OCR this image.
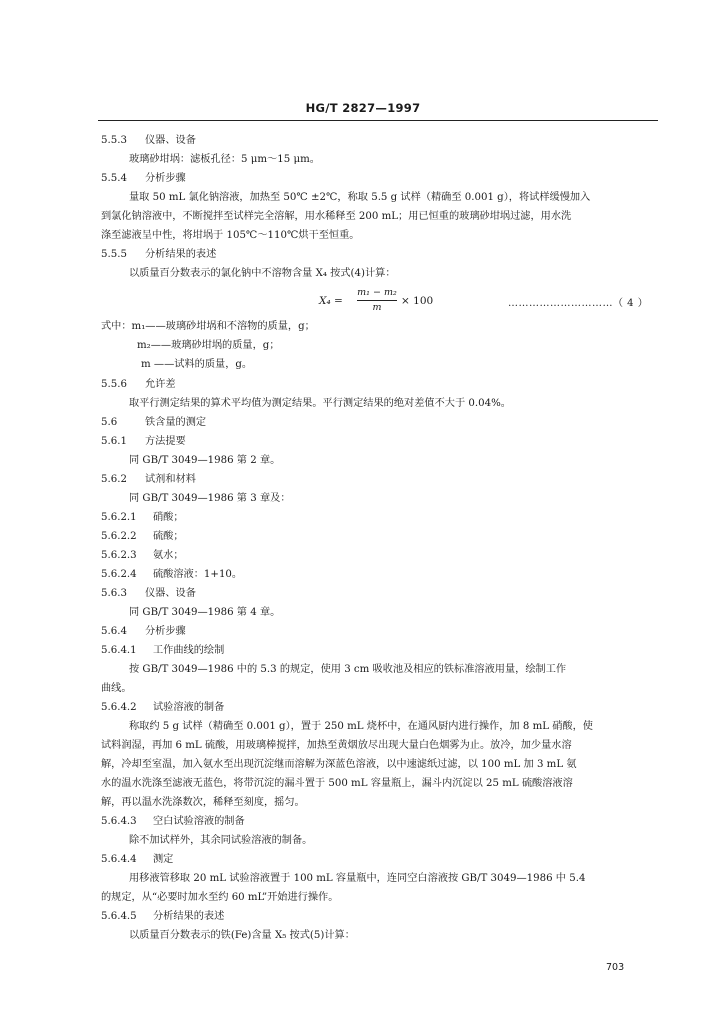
HG/T 2827—1997
5.5.3 仪器、设备
玻璃砂坩埚：滤板孔径：5 μm～15 μm。
5.5.4 分析步骤
量取 50 mL 氯化钠溶液，加热至 50℃ ±2℃，称取 5.5 g 试样（精确至 0.001 g），将试样缓慢加入
到氯化钠溶液中，不断搅拌至试样完全溶解，用水稀释至 200 mL；用已恒重的玻璃砂坩埚过滤，用水洗
涤至滤液呈中性，将坩埚于 105℃～110℃烘干至恒重。
5.5.5 分析结果的表述
以质量百分数表示的氯化钠中不溶物含量 X₄ 按式(4)计算：
X₄ =
m₁ − m₂
m
× 100	…………………………（ 4 ）
式中：m₁——玻璃砂坩埚和不溶物的质量，g；
m₂——玻璃砂坩埚的质量，g；
m ——试料的质量，g。
5.5.6 允许差
取平行测定结果的算术平均值为测定结果。平行测定结果的绝对差值不大于 0.04%。
5.6	铁含量的测定
5.6.1 方法提要
同 GB/T 3049—1986 第 2 章。
5.6.2 试剂和材料
同 GB/T 3049—1986 第 3 章及：
5.6.2.1 硝酸；
5.6.2.2 硫酸；
5.6.2.3 氨水；
5.6.2.4 硫酸溶液：1+10。
5.6.3 仪器、设备
同 GB/T 3049—1986 第 4 章。
5.6.4 分析步骤
5.6.4.1 工作曲线的绘制
按 GB/T 3049—1986 中的 5.3 的规定，使用 3 cm 吸收池及相应的铁标准溶液用量，绘制工作
曲线。
5.6.4.2 试验溶液的制备
称取约 5 g 试样（精确至 0.001 g），置于 250 mL 烧杯中，在通风厨内进行操作，加 8 mL 硝酸，使
试料润湿，再加 6 mL 硫酸，用玻璃棒搅拌，加热至黄烟放尽出现大量白色烟雾为止。放冷，加少量水溶
解，冷却至室温，加入氨水至出现沉淀继而溶解为深蓝色溶液，以中速滤纸过滤，以 100 mL 加 3 mL 氨
水的温水洗涤至滤液无蓝色，将带沉淀的漏斗置于 500 mL 容量瓶上，漏斗内沉淀以 25 mL 硫酸溶液溶
解，再以温水洗涤数次，稀释至刻度，摇匀。
5.6.4.3 空白试验溶液的制备
除不加试样外，其余同试验溶液的制备。
5.6.4.4 测定
用移液管移取 20 mL 试验溶液置于 100 mL 容量瓶中，连同空白溶液按 GB/T 3049—1986 中 5.4
的规定，从“必要时加水至约 60 mL”开始进行操作。
5.6.4.5 分析结果的表述
以质量百分数表示的铁(Fe)含量 X₅ 按式(5)计算：
703
